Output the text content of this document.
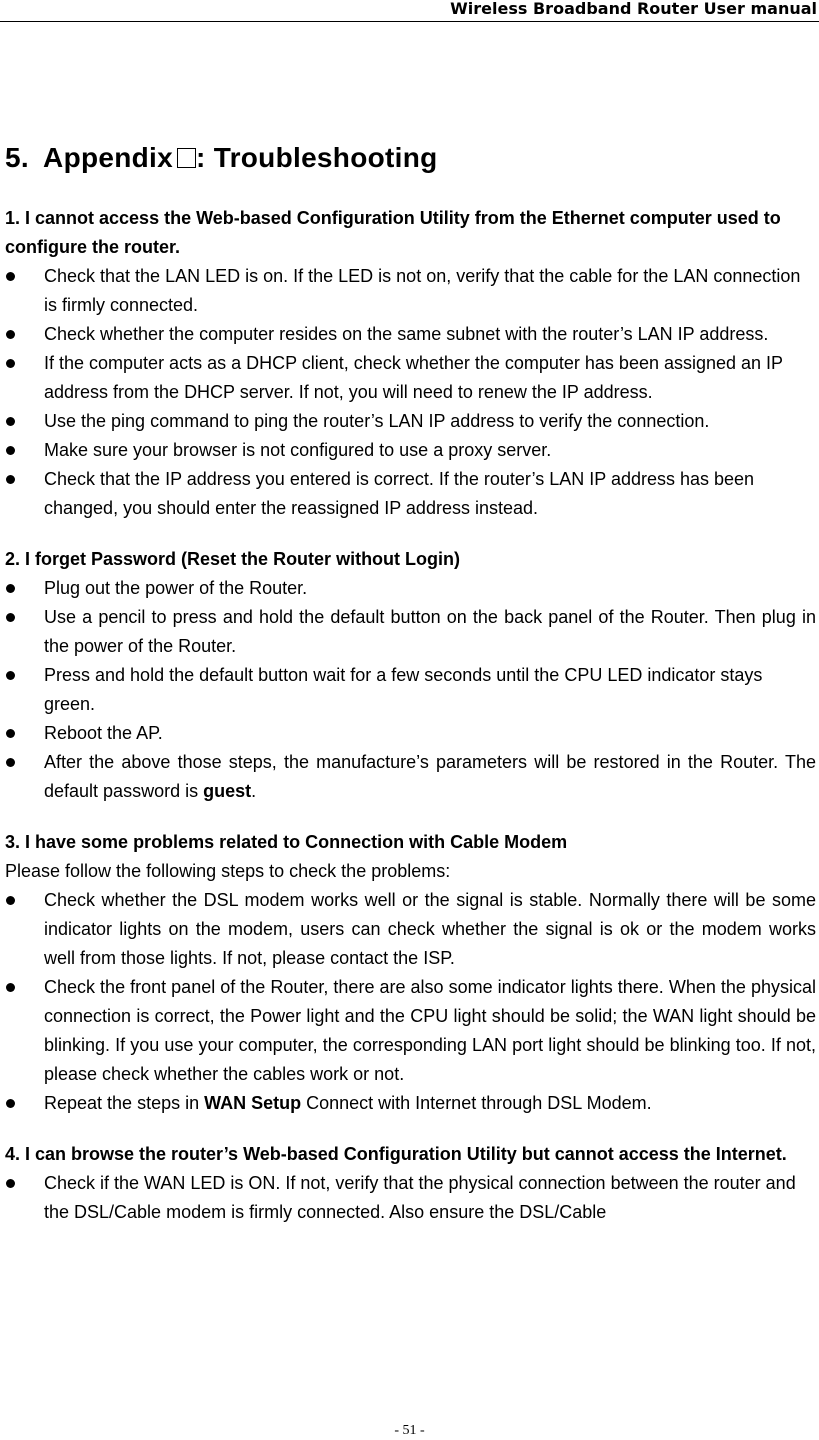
Wireless Broadband Router User manual
5. Appendix : Troubleshooting
1. I cannot access the Web-based Configuration Utility from the Ethernet computer used to configure the router.
Check that the LAN LED is on. If the LED is not on, verify that the cable for the LAN connection is firmly connected.
Check whether the computer resides on the same subnet with the router’s LAN IP address.
If the computer acts as a DHCP client, check whether the computer has been assigned an IP address from the DHCP server. If not, you will need to renew the IP address.
Use the ping command to ping the router’s LAN IP address to verify the connection.
Make sure your browser is not configured to use a proxy server.
Check that the IP address you entered is correct. If the router’s LAN IP address has been changed, you should enter the reassigned IP address instead.
2. I forget Password (Reset the Router without Login)
Plug out the power of the Router.
Use a pencil to press and hold the default button on the back panel of the Router. Then plug in the power of the Router.
Press and hold the default button wait for a few seconds until the CPU LED indicator stays green.
Reboot the AP.
After the above those steps, the manufacture’s parameters will be restored in the Router. The default password is guest.
3. I have some problems related to Connection with Cable Modem
Please follow the following steps to check the problems:
Check whether the DSL modem works well or the signal is stable. Normally there will be some indicator lights on the modem, users can check whether the signal is ok or the modem works well from those lights. If not, please contact the ISP.
Check the front panel of the Router, there are also some indicator lights there. When the physical connection is correct, the Power light and the CPU light should be solid; the WAN light should be blinking. If you use your computer, the corresponding LAN port light should be blinking too. If not, please check whether the cables work or not.
Repeat the steps in WAN Setup Connect with Internet through DSL Modem.
4. I can browse the router’s Web-based Configuration Utility but cannot access the Internet.
Check if the WAN LED is ON. If not, verify that the physical connection between the router and the DSL/Cable modem is firmly connected. Also ensure the DSL/Cable
- 51 -
